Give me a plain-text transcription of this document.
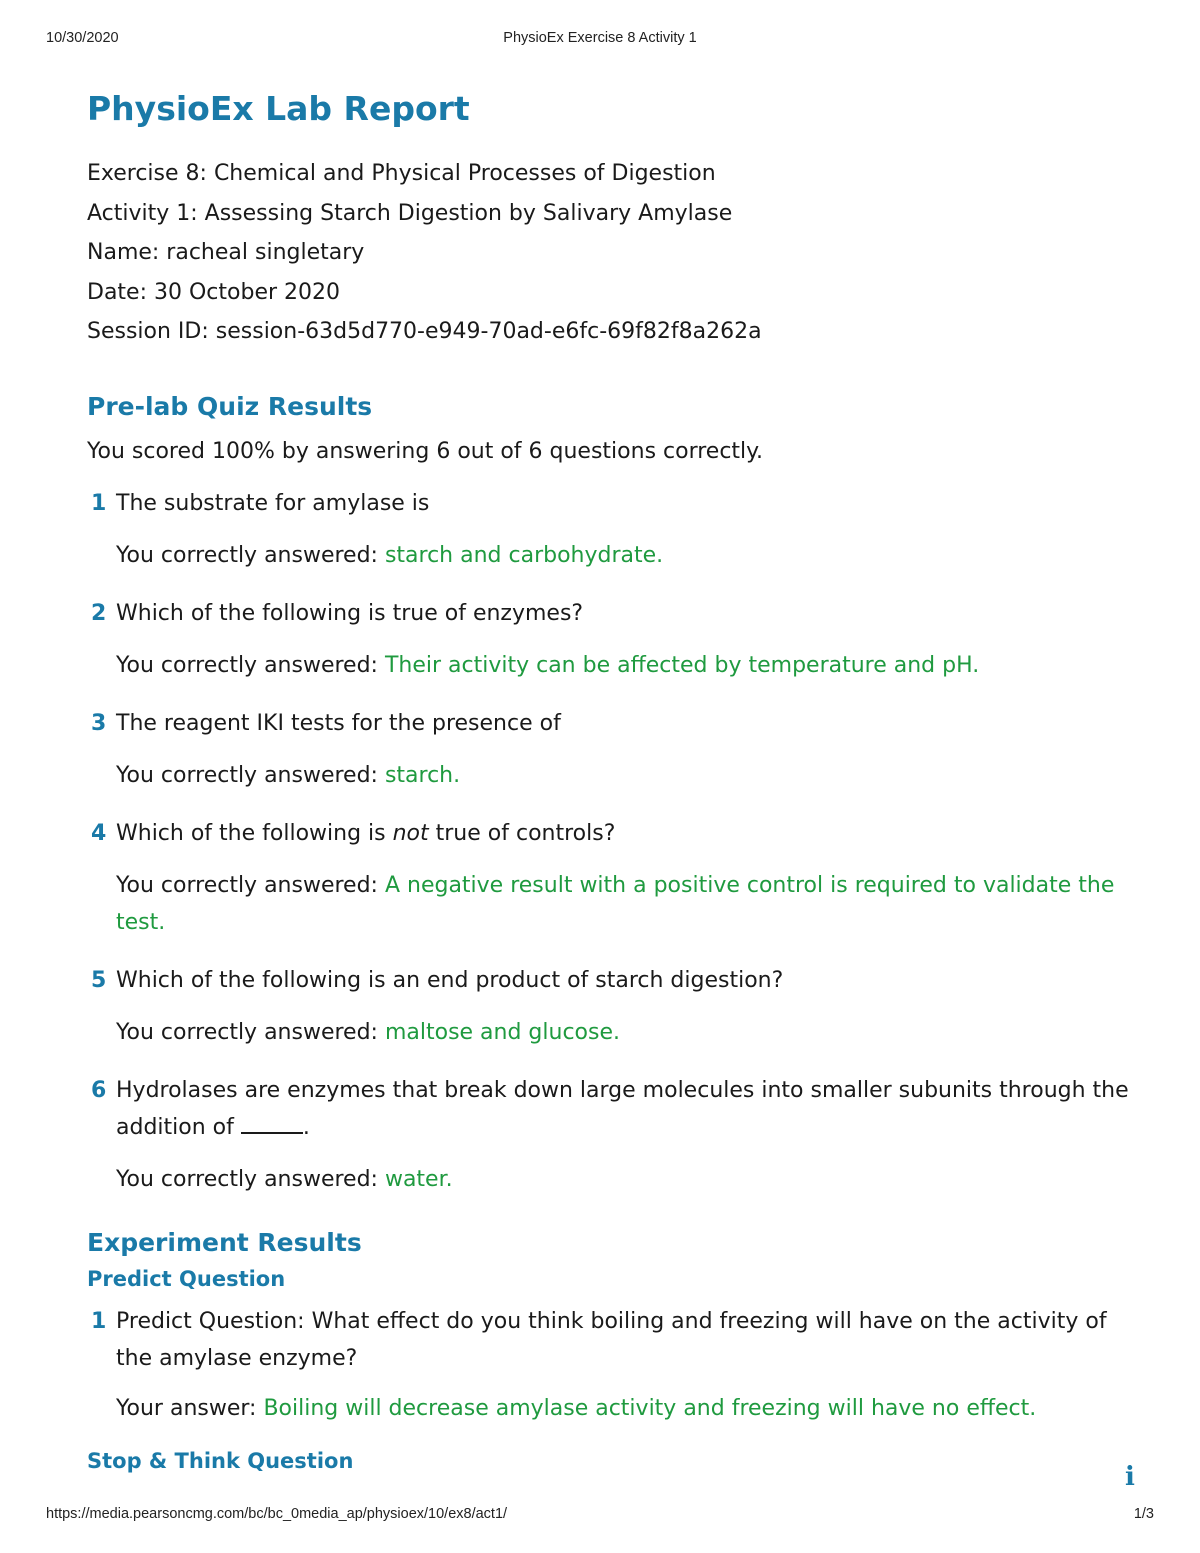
10/30/2020	PhysioEx Exercise 8 Activity 1
PhysioEx Lab Report
Exercise 8: Chemical and Physical Processes of Digestion
Activity 1: Assessing Starch Digestion by Salivary Amylase
Name: racheal singletary
Date: 30 October 2020
Session ID: session-63d5d770-e949-70ad-e6fc-69f82f8a262a
Pre-lab Quiz Results
You scored 100% by answering 6 out of 6 questions correctly.
1 The substrate for amylase is
You correctly answered: starch and carbohydrate.
2 Which of the following is true of enzymes?
You correctly answered: Their activity can be affected by temperature and pH.
3 The reagent IKI tests for the presence of
You correctly answered: starch.
4 Which of the following is not true of controls?
You correctly answered: A negative result with a positive control is required to validate the test.
5 Which of the following is an end product of starch digestion?
You correctly answered: maltose and glucose.
6 Hydrolases are enzymes that break down large molecules into smaller subunits through the addition of	.
You correctly answered: water.
Experiment Results
Predict Question
1 Predict Question: What effect do you think boiling and freezing will have on the activity of the amylase enzyme?
Your answer: Boiling will decrease amylase activity and freezing will have no effect.
Stop & Think Question
i
https://media.pearsoncmg.com/bc/bc_0media_ap/physioex/10/ex8/act1/	1/3
